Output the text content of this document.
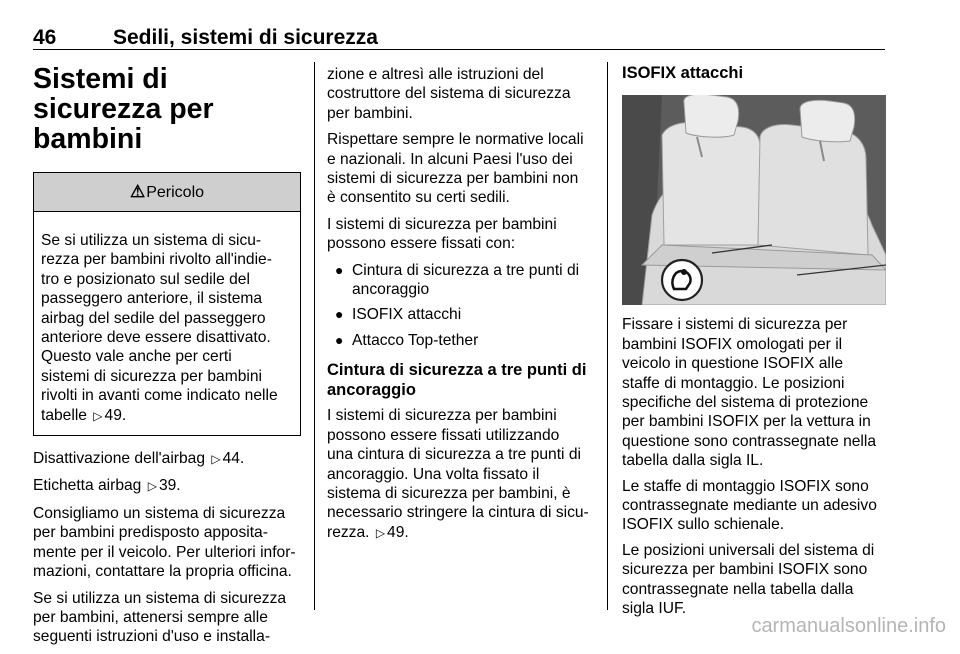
46	Sedili, sistemi di sicurezza
Sistemi di sicurezza per
bambini
⚠Pericolo
Se si utilizza un sistema di sicu-
rezza per bambini rivolto all'indie-
tro e posizionato sul sedile del
passeggero anteriore, il sistema
airbag del sedile del passeggero
anteriore deve essere disattivato.
Questo vale anche per certi
sistemi di sicurezza per bambini
rivolti in avanti come indicato nelle
tabelle ▷ 49.

Disattivazione dell'airbag ▷ 44.

Etichetta airbag ▷ 39.

Consigliamo un sistema di sicurezza
per bambini predisposto apposita-
mente per il veicolo. Per ulteriori infor-
mazioni, contattare la propria officina.

Se si utilizza un sistema di sicurezza
per bambini, attenersi sempre alle
seguenti istruzioni d'uso e installa-

zione e altresì alle istruzioni del
costruttore del sistema di sicurezza
per bambini.

Rispettare sempre le normative locali
e nazionali. In alcuni Paesi l'uso dei
sistemi di sicurezza per bambini non
è consentito su certi sedili.

I sistemi di sicurezza per bambini
possono essere fissati con:

● Cintura di sicurezza a tre punti di
ancoraggio
● ISOFIX attacchi
● Attacco Top-tether
Cintura di sicurezza a tre punti di
ancoraggio

I sistemi di sicurezza per bambini
possono essere fissati utilizzando
una cintura di sicurezza a tre punti di
ancoraggio. Una volta fissato il
sistema di sicurezza per bambini, è
necessario stringere la cintura di sicu-
rezza. ▷ 49.

ISOFIX attacchi

Fissare i sistemi di sicurezza per
bambini ISOFIX omologati per il
veicolo in questione ISOFIX alle
staffe di montaggio. Le posizioni
specifiche del sistema di protezione
per bambini ISOFIX per la vettura in
questione sono contrassegnate nella
tabella dalla sigla IL.

Le staffe di montaggio ISOFIX sono
contrassegnate mediante un adesivo
ISOFIX sullo schienale.

Le posizioni universali del sistema di
sicurezza per bambini ISOFIX sono
contrassegnate nella tabella dalla
sigla IUF.

carmanualsonline.info
